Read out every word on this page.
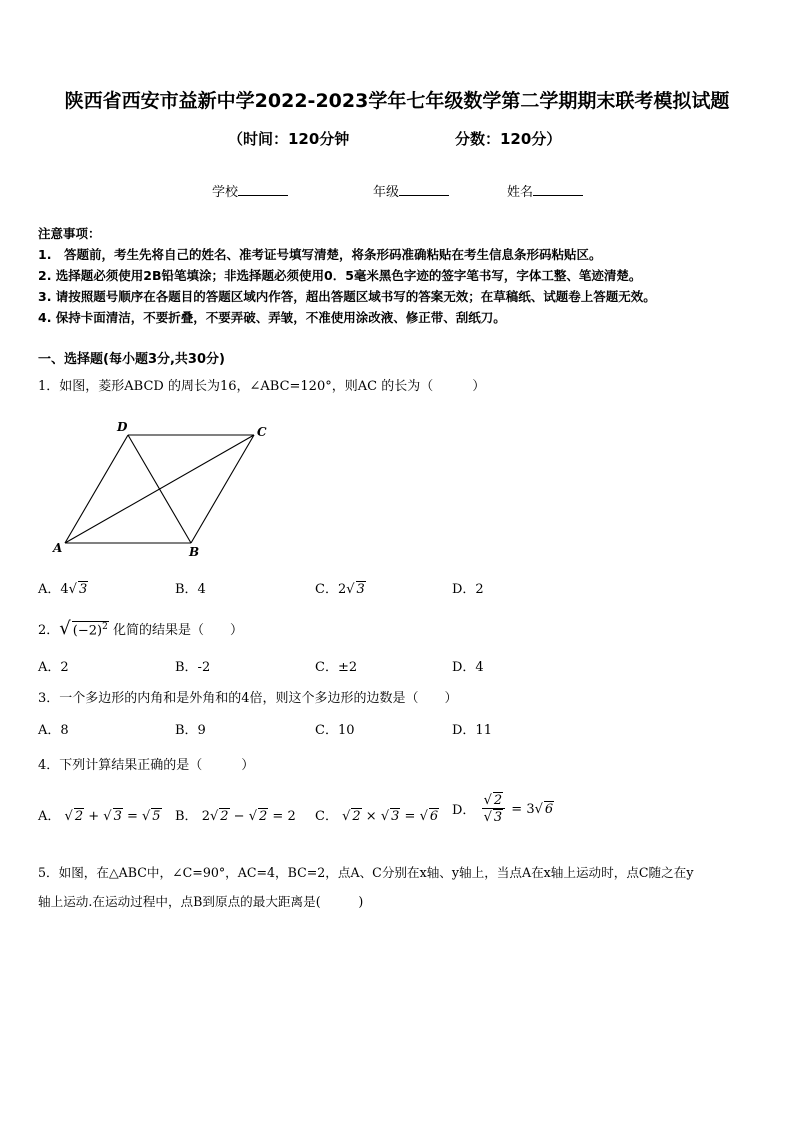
陕西省西安市益新中学2022-2023学年七年级数学第二学期期末联考模拟试题
（时间：120分钟	分数：120分）
学校	年级	姓名
注意事项：
1.　答题前，考生先将自己的姓名、准考证号填写清楚，将条形码准确粘贴在考生信息条形码粘贴区。
2. 选择题必须使用2B铅笔填涂；非选择题必须使用0．5毫米黑色字迹的签字笔书写，字体工整、笔迹清楚。
3. 请按照题号顺序在各题目的答题区域内作答，超出答题区域书写的答案无效；在草稿纸、试题卷上答题无效。
4. 保持卡面清洁，不要折叠，不要弄破、弄皱，不准使用涂改液、修正带、刮纸刀。
一、选择题(每小题3分,共30分)
1．如图，菱形ABCD 的周长为16，∠ABC=120°，则AC 的长为（　　　）
A	B
C
D
A．4√ 3	B．4	C．2√ 3	D．2
2．√ $(-2)^2$ 化简的结果是（　　）
A．2	B．-2	C．±2	D．4
3．一个多边形的内角和是外角和的4倍，则这个多边形的边数是（　　）
A．8	B．9	C．10	D．11
4．下列计算结果正确的是（　　　）
A． √ 2 + √ 3 = √ 5 B． 2√ 2 − √ 2 = 2 C． √ 2 × √ 3 = √ 6 D． $\frac{√ 2}{√ 3} = 3√$ 6
5．如图，在△ABC中，∠C=90°，AC=4，BC=2，点A、C分别在x轴、y轴上，当点A在x轴上运动时，点C随之在y
轴上运动.在运动过程中，点B到原点的最大距离是(　　　)
